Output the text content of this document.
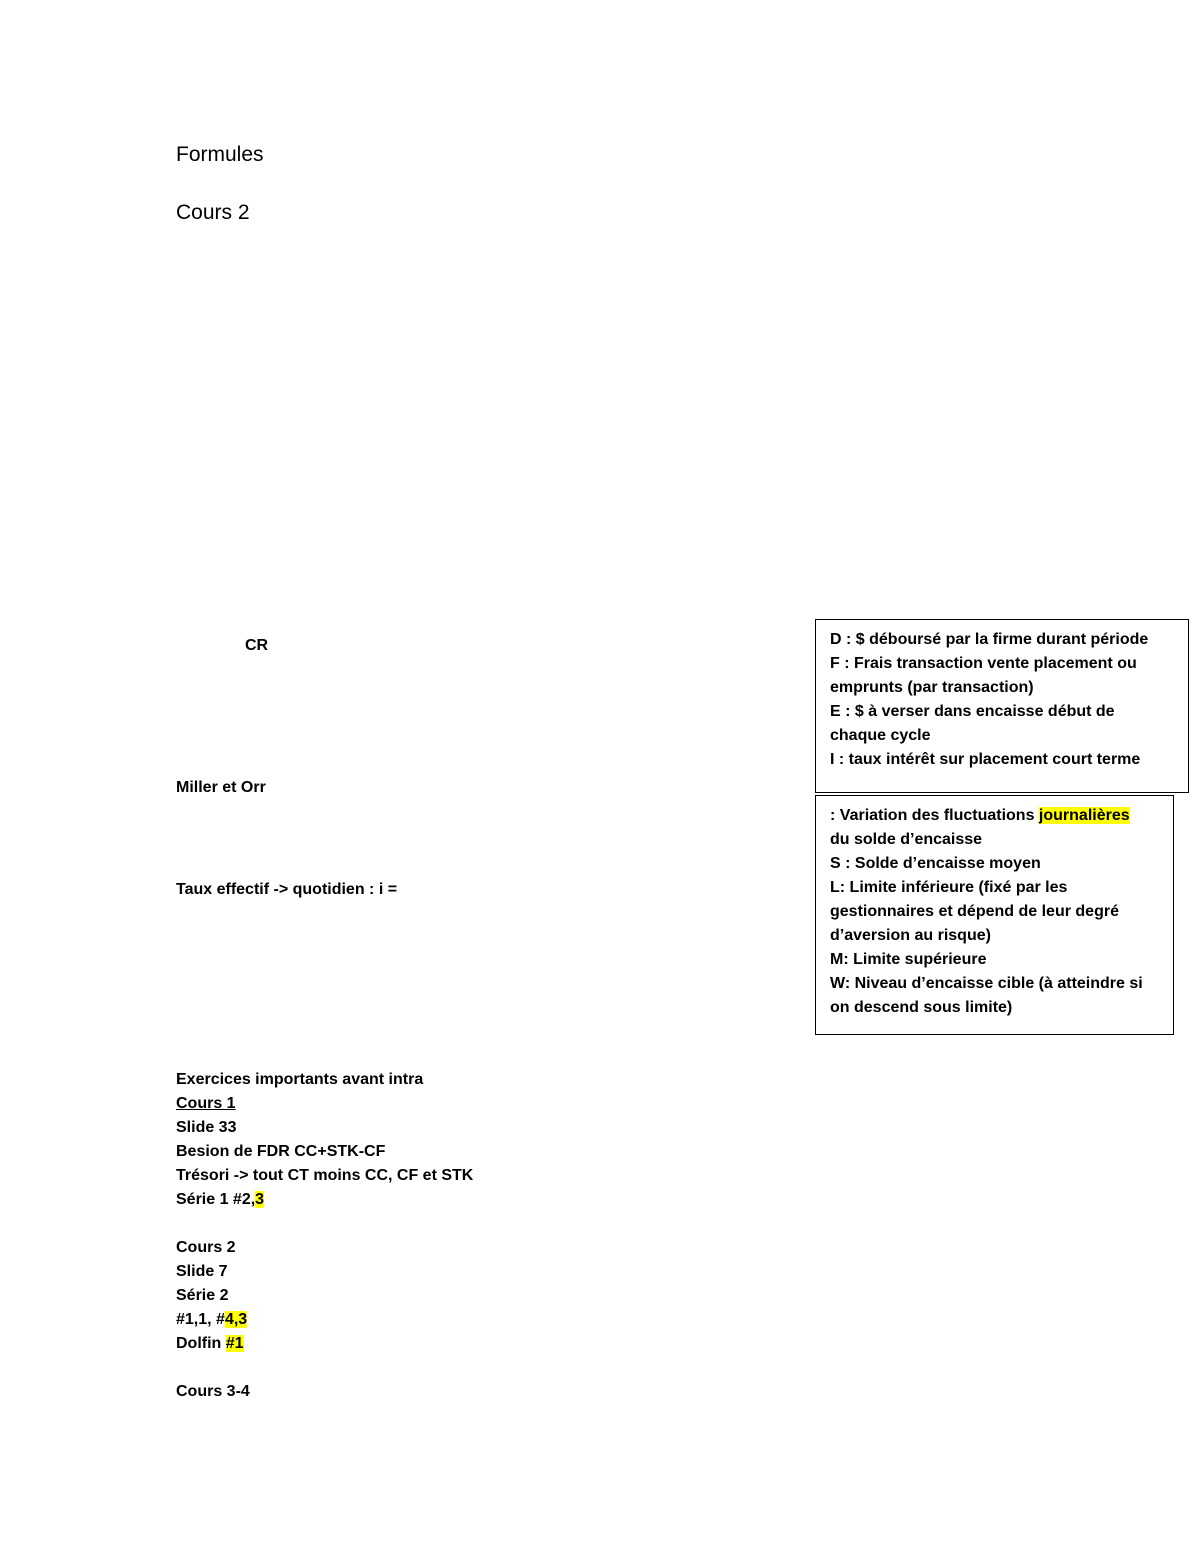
Formules
Cours 2
CR
Miller et Orr
Taux effectif -> quotidien : i =
D : $ déboursé par la firme durant période
F : Frais transaction vente placement ou
emprunts (par transaction)
E : $ à verser dans encaisse début de
chaque cycle
I : taux intérêt sur placement court terme
: Variation des fluctuations journalières
du solde d’encaisse
S : Solde d’encaisse moyen
L: Limite inférieure (fixé par les
gestionnaires et dépend de leur degré
d’aversion au risque)
M: Limite supérieure
W: Niveau d’encaisse cible (à atteindre si
on descend sous limite)
Exercices importants avant intra
Cours 1
Slide 33
Besion de FDR CC+STK-CF
Trésori -> tout CT moins CC, CF et STK
Série 1 #2,3
Cours 2
Slide 7
Série 2
#1,1, #4,3
Dolfin #1
Cours 3-4
